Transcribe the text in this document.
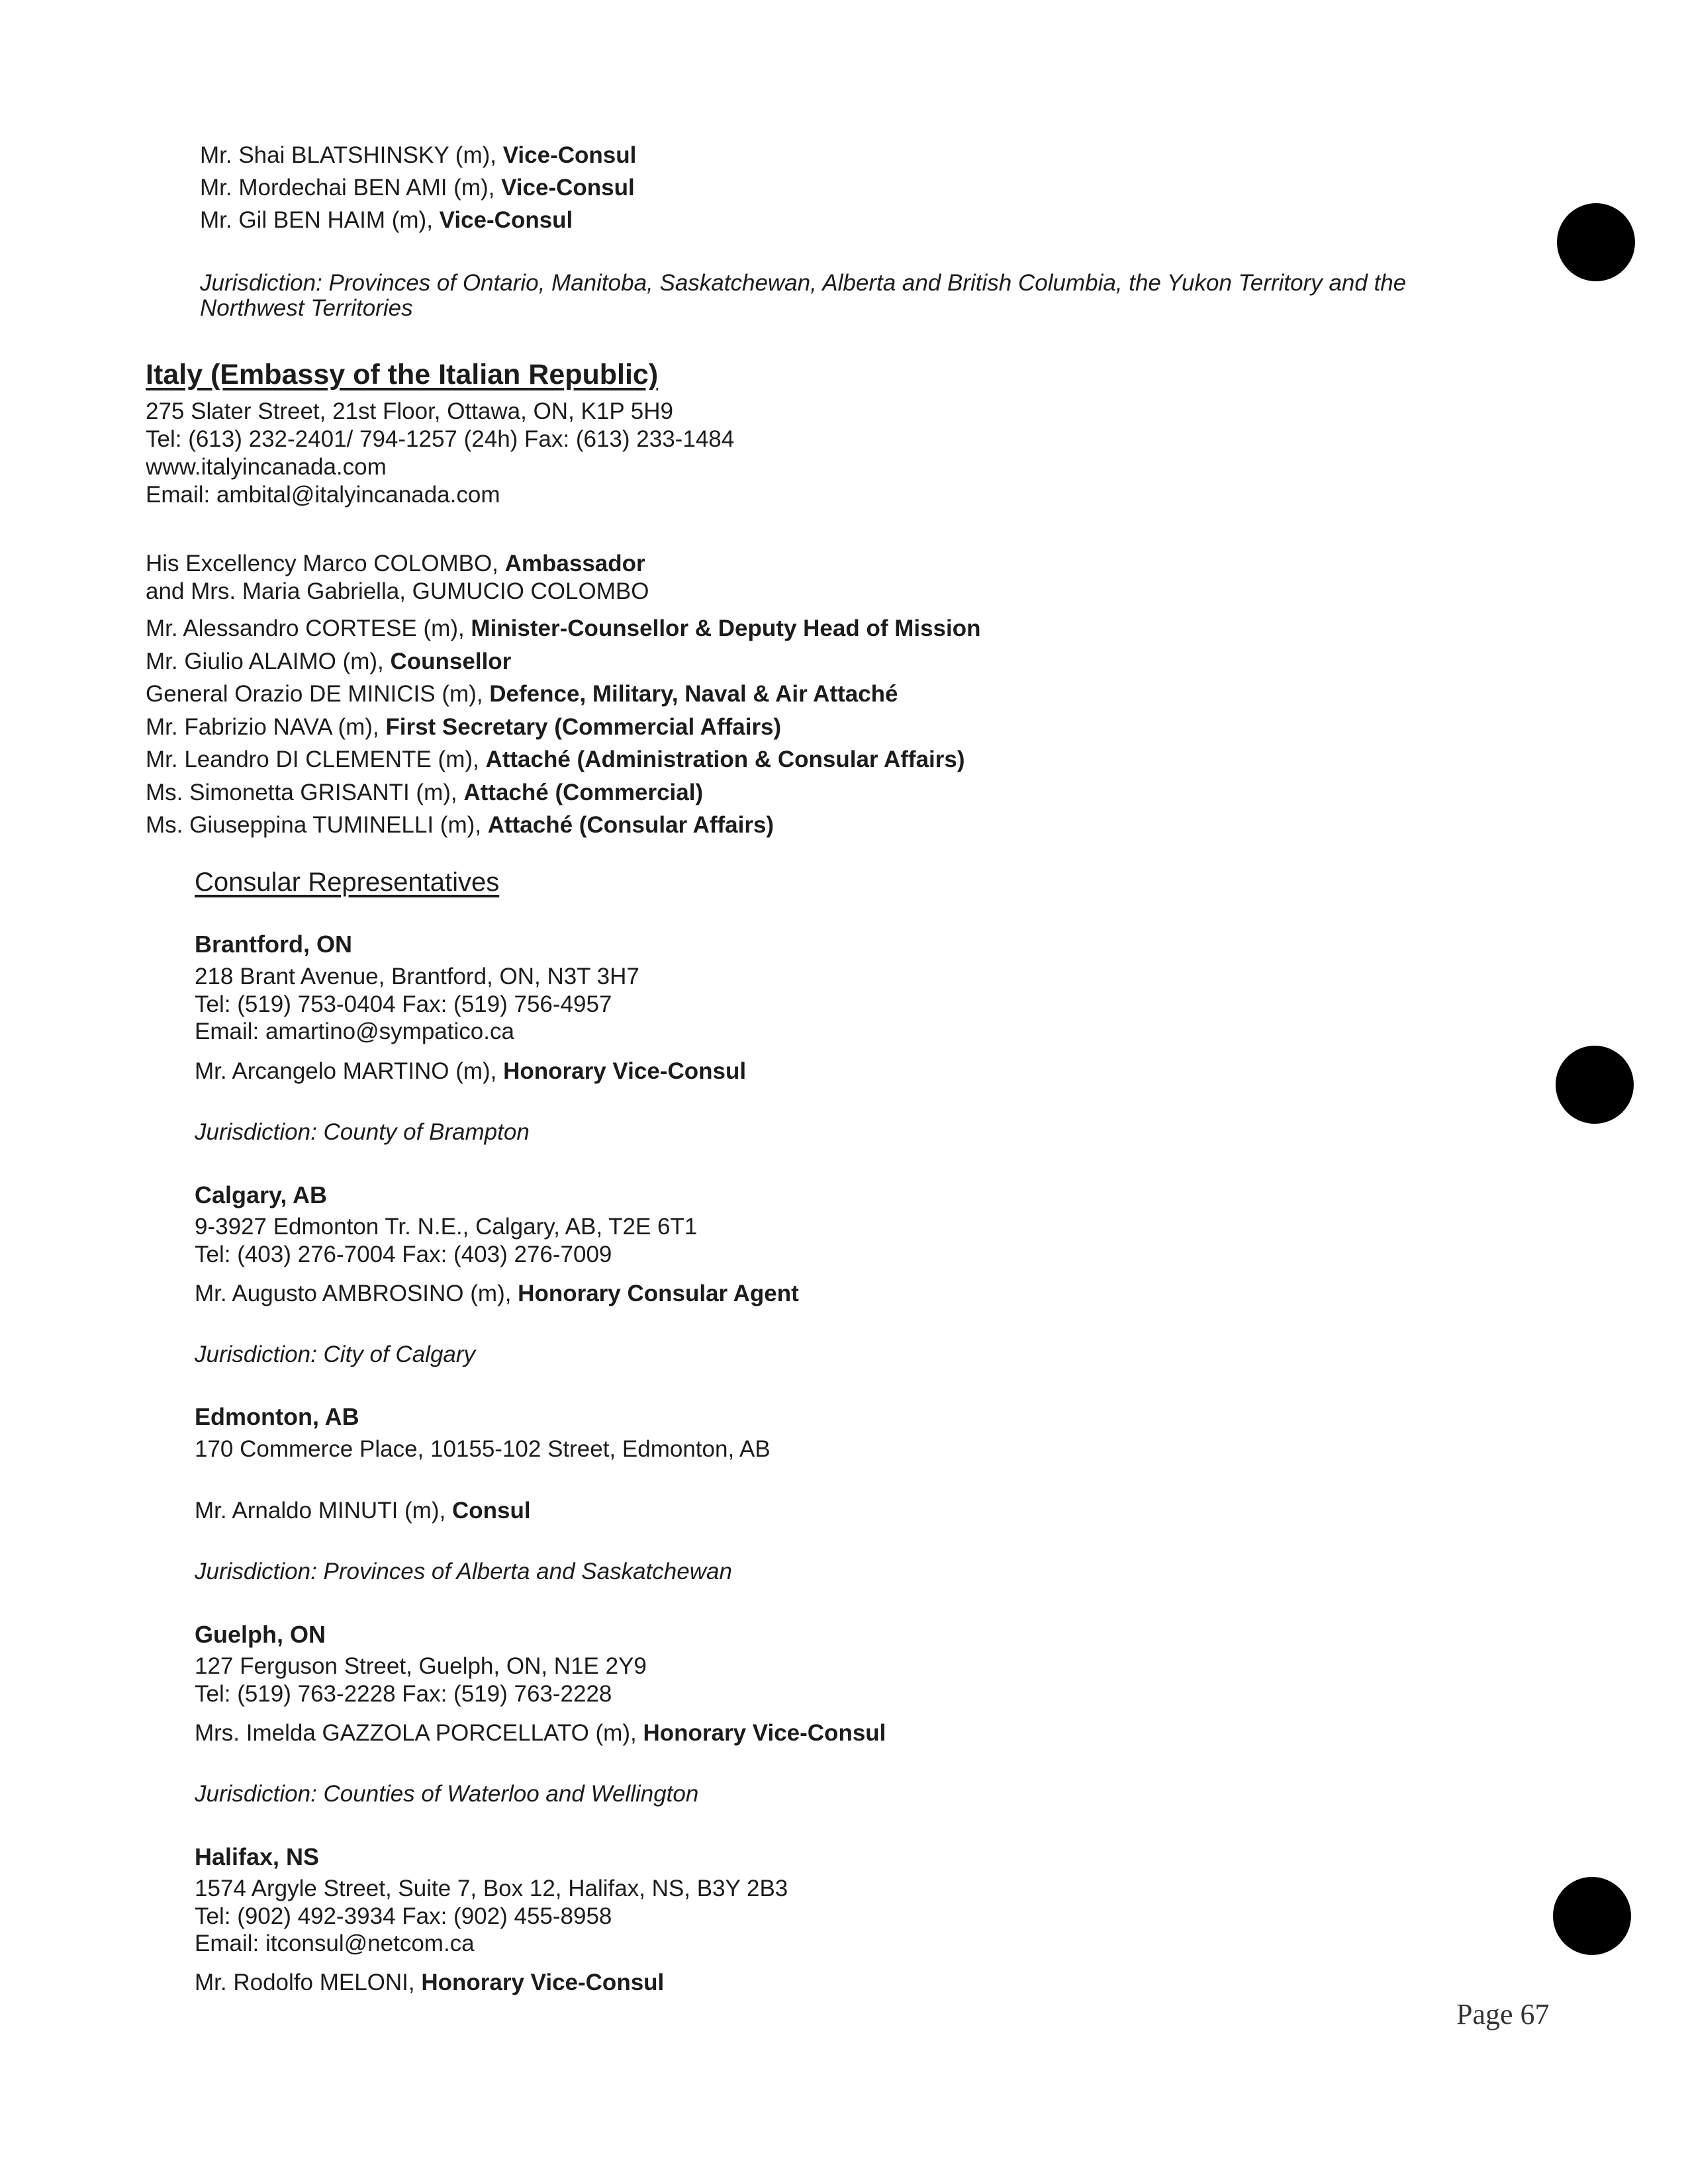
Mr. Shai BLATSHINSKY (m), Vice-Consul
Mr. Mordechai BEN AMI (m), Vice-Consul
Mr. Gil BEN HAIM (m), Vice-Consul
Jurisdiction: Provinces of Ontario, Manitoba, Saskatchewan, Alberta and British Columbia, the Yukon Territory and the
Northwest Territories
Italy (Embassy of the Italian Republic)
275 Slater Street, 21st Floor, Ottawa, ON, K1P 5H9
Tel: (613) 232-2401/ 794-1257 (24h) Fax: (613) 233-1484
www.italyincanada.com
Email: ambital@italyincanada.com
His Excellency Marco COLOMBO, Ambassador
and Mrs. Maria Gabriella, GUMUCIO COLOMBO
Mr. Alessandro CORTESE (m), Minister-Counsellor & Deputy Head of Mission
Mr. Giulio ALAIMO (m), Counsellor
General Orazio DE MINICIS (m), Defence, Military, Naval & Air Attaché
Mr. Fabrizio NAVA (m), First Secretary (Commercial Affairs)
Mr. Leandro DI CLEMENTE (m), Attaché (Administration & Consular Affairs)
Ms. Simonetta GRISANTI (m), Attaché (Commercial)
Ms. Giuseppina TUMINELLI (m), Attaché (Consular Affairs)
Consular Representatives
Brantford, ON
218 Brant Avenue, Brantford, ON, N3T 3H7
Tel: (519) 753-0404 Fax: (519) 756-4957
Email: amartino@sympatico.ca
Mr. Arcangelo MARTINO (m), Honorary Vice-Consul
Jurisdiction: County of Brampton
Calgary, AB
9-3927 Edmonton Tr. N.E., Calgary, AB, T2E 6T1
Tel: (403) 276-7004 Fax: (403) 276-7009
Mr. Augusto AMBROSINO (m), Honorary Consular Agent
Jurisdiction: City of Calgary
Edmonton, AB
170 Commerce Place, 10155-102 Street, Edmonton, AB
Mr. Arnaldo MINUTI (m), Consul
Jurisdiction: Provinces of Alberta and Saskatchewan
Guelph, ON
127 Ferguson Street, Guelph, ON, N1E 2Y9
Tel: (519) 763-2228 Fax: (519) 763-2228
Mrs. Imelda GAZZOLA PORCELLATO (m), Honorary Vice-Consul
Jurisdiction: Counties of Waterloo and Wellington
Halifax, NS
1574 Argyle Street, Suite 7, Box 12, Halifax, NS, B3Y 2B3
Tel: (902) 492-3934 Fax: (902) 455-8958
Email: itconsul@netcom.ca
Mr. Rodolfo MELONI, Honorary Vice-Consul
Page 67
